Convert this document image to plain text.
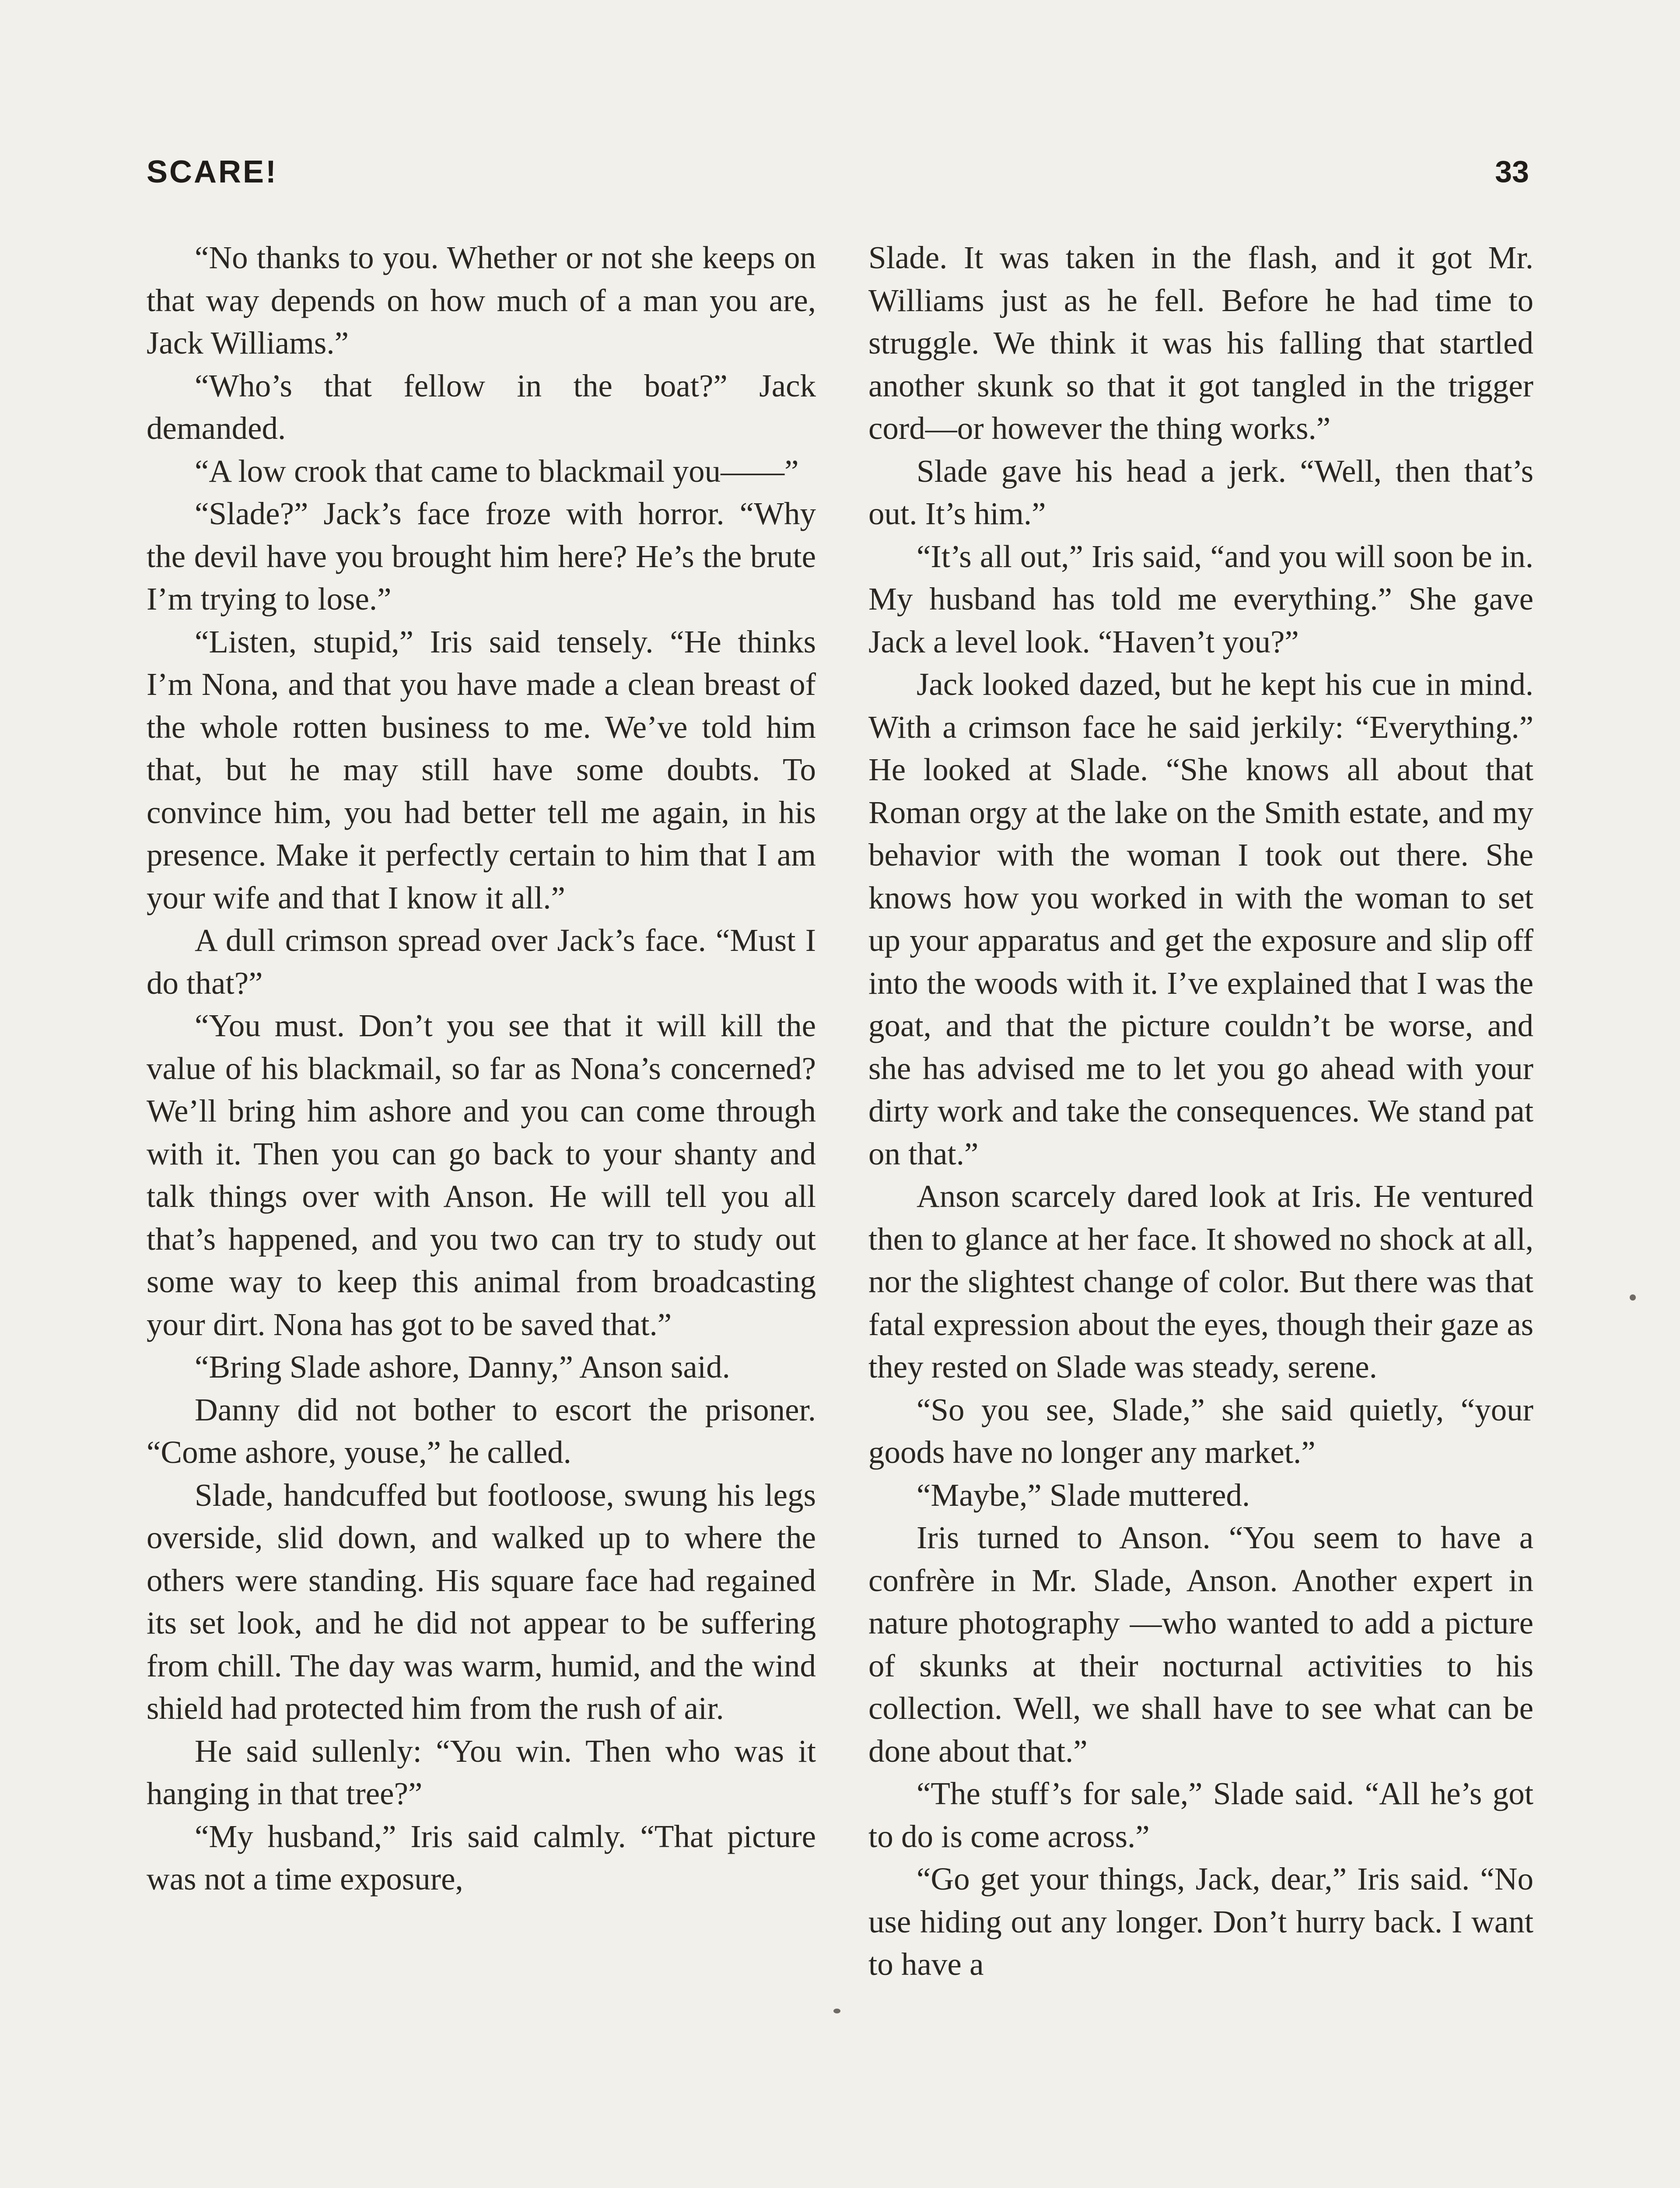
SCARE!	33

“No thanks to you. Whether or not she keeps on that way depends on how much of a man you are, Jack Williams.”

“Who’s that fellow in the boat?” Jack demanded.

“A low crook that came to blackmail you——”

“Slade?” Jack’s face froze with horror. “Why the devil have you brought him here? He’s the brute I’m trying to lose.”

“Listen, stupid,” Iris said tensely. “He thinks I’m Nona, and that you have made a clean breast of the whole rotten business to me. We’ve told him that, but he may still have some doubts. To convince him, you had better tell me again, in his presence. Make it perfectly certain to him that I am your wife and that I know it all.”

A dull crimson spread over Jack’s face. “Must I do that?”

“You must. Don’t you see that it will kill the value of his blackmail, so far as Nona’s concerned? We’ll bring him ashore and you can come through with it. Then you can go back to your shanty and talk things over with Anson. He will tell you all that’s happened, and you two can try to study out some way to keep this animal from broadcasting your dirt. Nona has got to be saved that.”

“Bring Slade ashore, Danny,” Anson said.

Danny did not bother to escort the prisoner. “Come ashore, youse,” he called.

Slade, handcuffed but footloose, swung his legs overside, slid down, and walked up to where the others were standing. His square face had regained its set look, and he did not appear to be suffering from chill. The day was warm, humid, and the wind shield had protected him from the rush of air.

He said sullenly: “You win. Then who was it hanging in that tree?”

“My husband,” Iris said calmly. “That picture was not a time exposure,

Slade. It was taken in the flash, and it got Mr. Williams just as he fell. Before he had time to struggle. We think it was his falling that startled another skunk so that it got tangled in the trigger cord—or however the thing works.”

Slade gave his head a jerk. “Well, then that’s out. It’s him.”

“It’s all out,” Iris said, “and you will soon be in. My husband has told me everything.” She gave Jack a level look. “Haven’t you?”

Jack looked dazed, but he kept his cue in mind. With a crimson face he said jerkily: “Everything.” He looked at Slade. “She knows all about that Roman orgy at the lake on the Smith estate, and my behavior with the woman I took out there. She knows how you worked in with the woman to set up your apparatus and get the exposure and slip off into the woods with it. I’ve explained that I was the goat, and that the picture couldn’t be worse, and she has advised me to let you go ahead with your dirty work and take the consequences. We stand pat on that.”

Anson scarcely dared look at Iris. He ventured then to glance at her face. It showed no shock at all, nor the slightest change of color. But there was that fatal expression about the eyes, though their gaze as they rested on Slade was steady, serene.

“So you see, Slade,” she said quietly, “your goods have no longer any market.”

“Maybe,” Slade muttered.

Iris turned to Anson. “You seem to have a confrère in Mr. Slade, Anson. Another expert in nature photography —who wanted to add a picture of skunks at their nocturnal activities to his collection. Well, we shall have to see what can be done about that.”

“The stuff’s for sale,” Slade said. “All he’s got to do is come across.”

“Go get your things, Jack, dear,” Iris said. “No use hiding out any longer. Don’t hurry back. I want to have a
